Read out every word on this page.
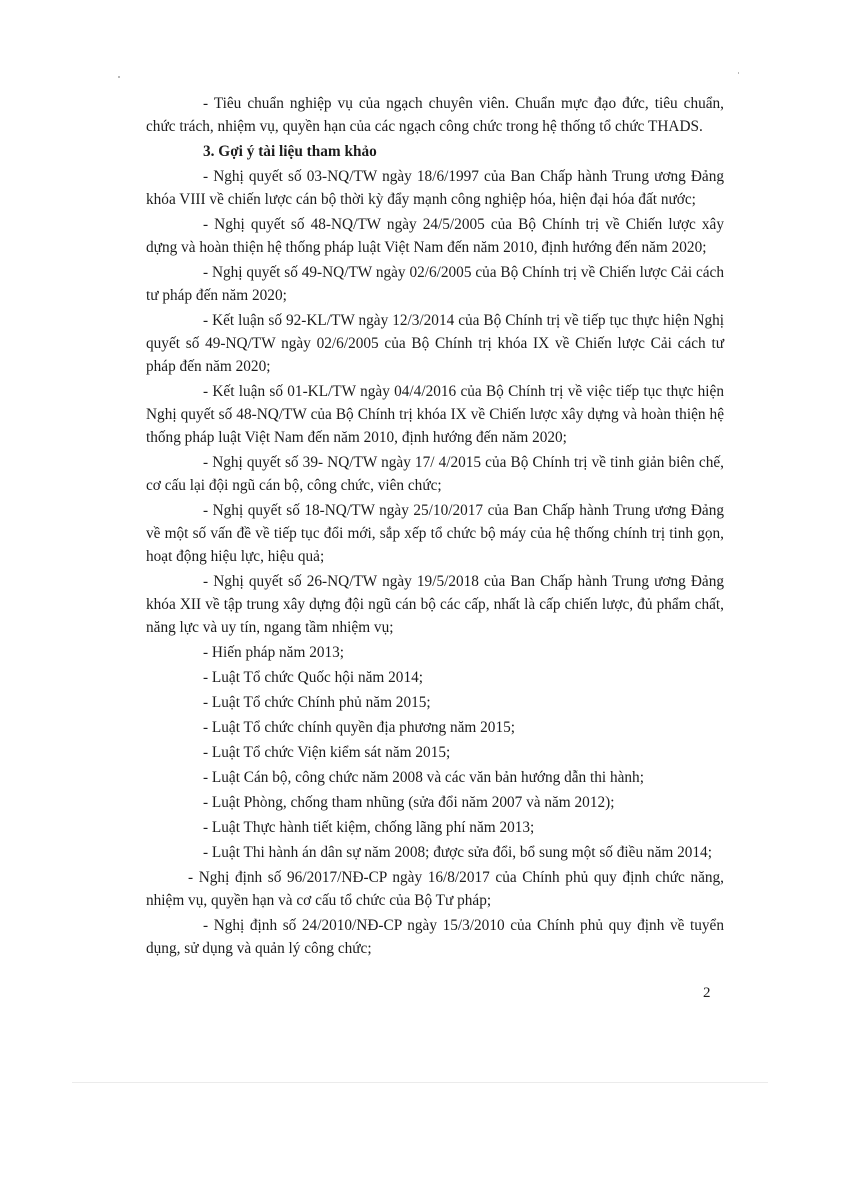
- Tiêu chuẩn nghiệp vụ của ngạch chuyên viên. Chuẩn mực đạo đức, tiêu chuẩn, chức trách, nhiệm vụ, quyền hạn của các ngạch công chức trong hệ thống tổ chức THADS.

3. Gợi ý tài liệu tham khảo

- Nghị quyết số 03-NQ/TW ngày 18/6/1997 của Ban Chấp hành Trung ương Đảng khóa VIII về chiến lược cán bộ thời kỳ đẩy mạnh công nghiệp hóa, hiện đại hóa đất nước;

- Nghị quyết số 48-NQ/TW ngày 24/5/2005 của Bộ Chính trị về Chiến lược xây dựng và hoàn thiện hệ thống pháp luật Việt Nam đến năm 2010, định hướng đến năm 2020;

- Nghị quyết số 49-NQ/TW ngày 02/6/2005 của Bộ Chính trị về Chiến lược Cải cách tư pháp đến năm 2020;

- Kết luận số 92-KL/TW ngày 12/3/2014 của Bộ Chính trị về tiếp tục thực hiện Nghị quyết số 49-NQ/TW ngày 02/6/2005 của Bộ Chính trị khóa IX về Chiến lược Cải cách tư pháp đến năm 2020;

- Kết luận số 01-KL/TW ngày 04/4/2016 của Bộ Chính trị về việc tiếp tục thực hiện Nghị quyết số 48-NQ/TW của Bộ Chính trị khóa IX về Chiến lược xây dựng và hoàn thiện hệ thống pháp luật Việt Nam đến năm 2010, định hướng đến năm 2020;

- Nghị quyết số 39- NQ/TW ngày 17/ 4/2015 của Bộ Chính trị về tinh giản biên chế, cơ cấu lại đội ngũ cán bộ, công chức, viên chức;

- Nghị quyết số 18-NQ/TW ngày 25/10/2017 của Ban Chấp hành Trung ương Đảng về một số vấn đề về tiếp tục đổi mới, sắp xếp tổ chức bộ máy của hệ thống chính trị tinh gọn, hoạt động hiệu lực, hiệu quả;

- Nghị quyết số 26-NQ/TW ngày 19/5/2018 của Ban Chấp hành Trung ương Đảng khóa XII về tập trung xây dựng đội ngũ cán bộ các cấp, nhất là cấp chiến lược, đủ phẩm chất, năng lực và uy tín, ngang tầm nhiệm vụ;

- Hiến pháp năm 2013;

- Luật Tổ chức Quốc hội năm 2014;

- Luật Tổ chức Chính phủ năm 2015;

- Luật Tổ chức chính quyền địa phương năm 2015;

- Luật Tổ chức Viện kiểm sát năm 2015;

- Luật Cán bộ, công chức năm 2008 và các văn bản hướng dẫn thi hành;

- Luật Phòng, chống tham nhũng (sửa đổi năm 2007 và năm 2012);

- Luật Thực hành tiết kiệm, chống lãng phí năm 2013;

- Luật Thi hành án dân sự năm 2008; được sửa đổi, bổ sung một số điều năm 2014;

- Nghị định số 96/2017/NĐ-CP ngày 16/8/2017 của Chính phủ quy định chức năng, nhiệm vụ, quyền hạn và cơ cấu tổ chức của Bộ Tư pháp;

- Nghị định số 24/2010/NĐ-CP ngày 15/3/2010 của Chính phủ quy định về tuyển dụng, sử dụng và quản lý công chức;

2
